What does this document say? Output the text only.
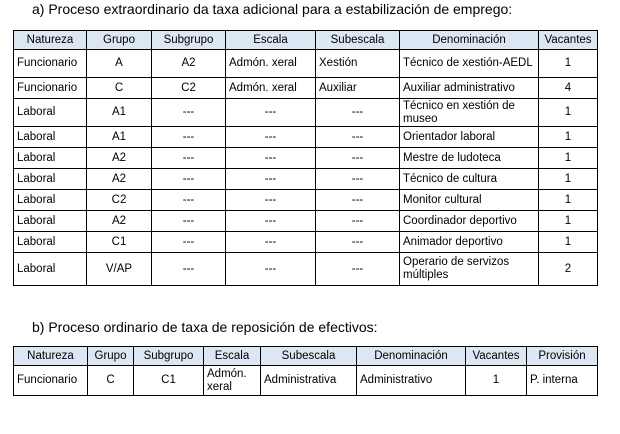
a) Proceso extraordinario da taxa adicional para a estabilización de emprego:
Natureza	Grupo	Subgrupo	Escala	Subescala	Denominación	Vacantes
Funcionario	A	A2	Admón. xeral	Xestión	Técnico de xestión-AEDL	1
Funcionario	C	C2	Admón. xeral	Auxiliar	Auxiliar administrativo	4
Laboral	A1	---	---	---	Técnico en xestión de museo	1
Laboral	A1	---	---	---	Orientador laboral	1
Laboral	A2	---	---	---	Mestre de ludoteca	1
Laboral	A2	---	---	---	Técnico de cultura	1
Laboral	C2	---	---	---	Monitor cultural	1
Laboral	A2	---	---	---	Coordinador deportivo	1
Laboral	C1	---	---	---	Animador deportivo	1
Laboral	V/AP	---	---	---	Operario de servizos múltiples	2
b) Proceso ordinario de taxa de reposición de efectivos:
Natureza	Grupo	Subgrupo	Escala	Subescala	Denominación	Vacantes	Provisión
Funcionario	C	C1	Admón. xeral	Administrativa	Administrativo	1	P. interna
